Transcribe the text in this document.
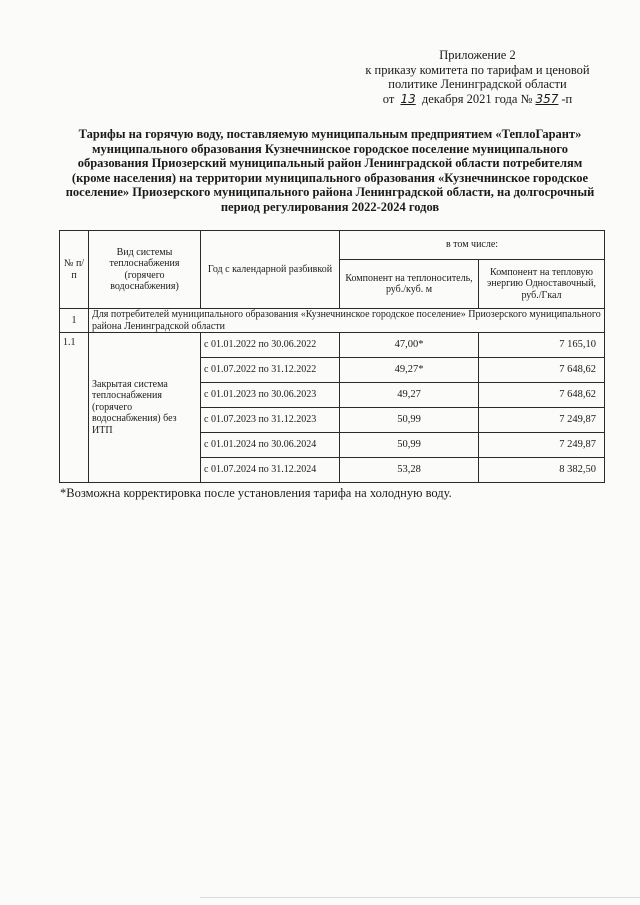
Приложение 2
к приказу комитета по тарифам и ценовой
политике Ленинградской области
от 13 декабря 2021 года № 357 -п
Тарифы на горячую воду, поставляемую муниципальным предприятием «ТеплоГарант» муниципального образования Кузнечнинское городское поселение муниципального образования Приозерский муниципальный район Ленинградской области потребителям (кроме населения) на территории муниципального образования «Кузнечнинское городское поселение» Приозерского муниципального района Ленинградской области, на долгосрочный период регулирования 2022-2024 годов
№ п/п	Вид системы теплоснабжения (горячего водоснабжения)	Год с календарной разбивкой	в том числе:	
			Компонент на теплоноситель, руб./куб. м	Компонент на тепловую энергию Одноставочный, руб./Гкал
1	Для потребителей муниципального образования «Кузнечнинское городское поселение» Приозерского муниципального района Ленинградской области			
1.1	Закрытая система теплоснабжения (горячего водоснабжения) без ИТП	с 01.01.2022 по 30.06.2022	47,00*	7 165,10
		с 01.07.2022 по 31.12.2022	49,27*	7 648,62
		с 01.01.2023 по 30.06.2023	49,27	7 648,62
		с 01.07.2023 по 31.12.2023	50,99	7 249,87
		с 01.01.2024 по 30.06.2024	50,99	7 249,87
		с 01.07.2024 по 31.12.2024	53,28	8 382,50
*Возможна корректировка после установления тарифа на холодную воду.
